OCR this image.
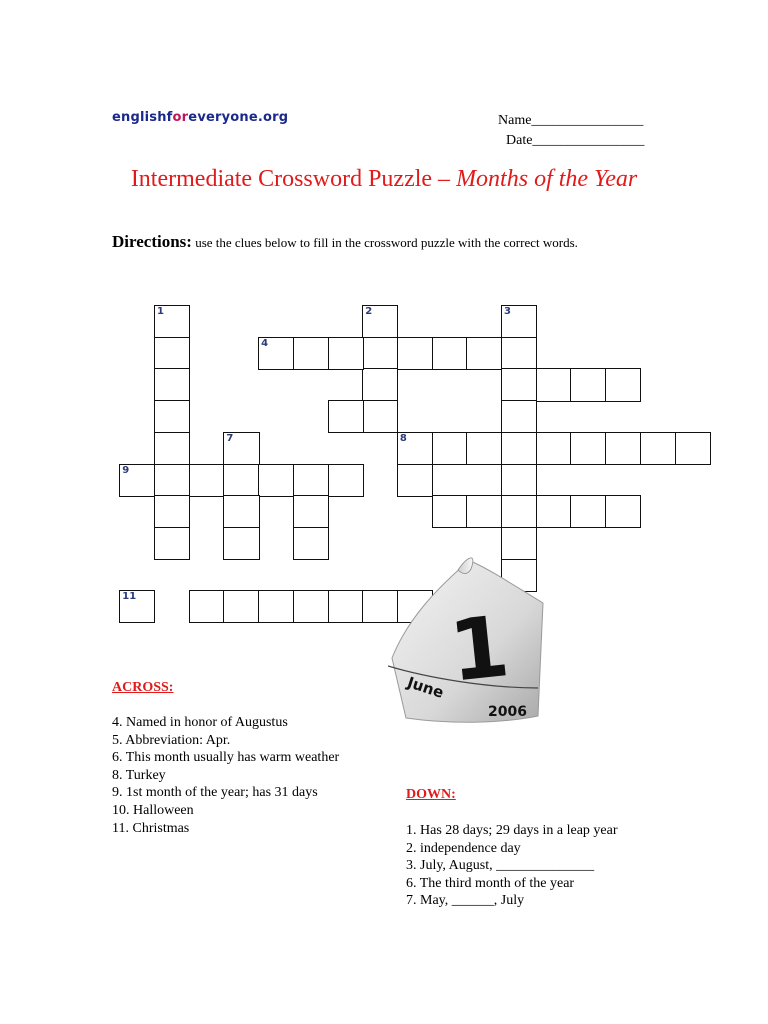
englishforeveryone.org	Name________________
Date________________
Intermediate Crossword Puzzle – Months of the Year
Directions: use the clues below to fill in the crossword puzzle with the correct words.
1	2	3
4
7	8
9
11
1
June
2006
ACROSS:
4. Named in honor of Augustus
5. Abbreviation: Apr.
6. This month usually has warm weather
8. Turkey
9. 1st month of the year; has 31 days
10. Halloween
11. Christmas
DOWN:
1. Has 28 days; 29 days in a leap year
2. independence day
3. July, August, ______________
6. The third month of the year
7. May, ______, July
